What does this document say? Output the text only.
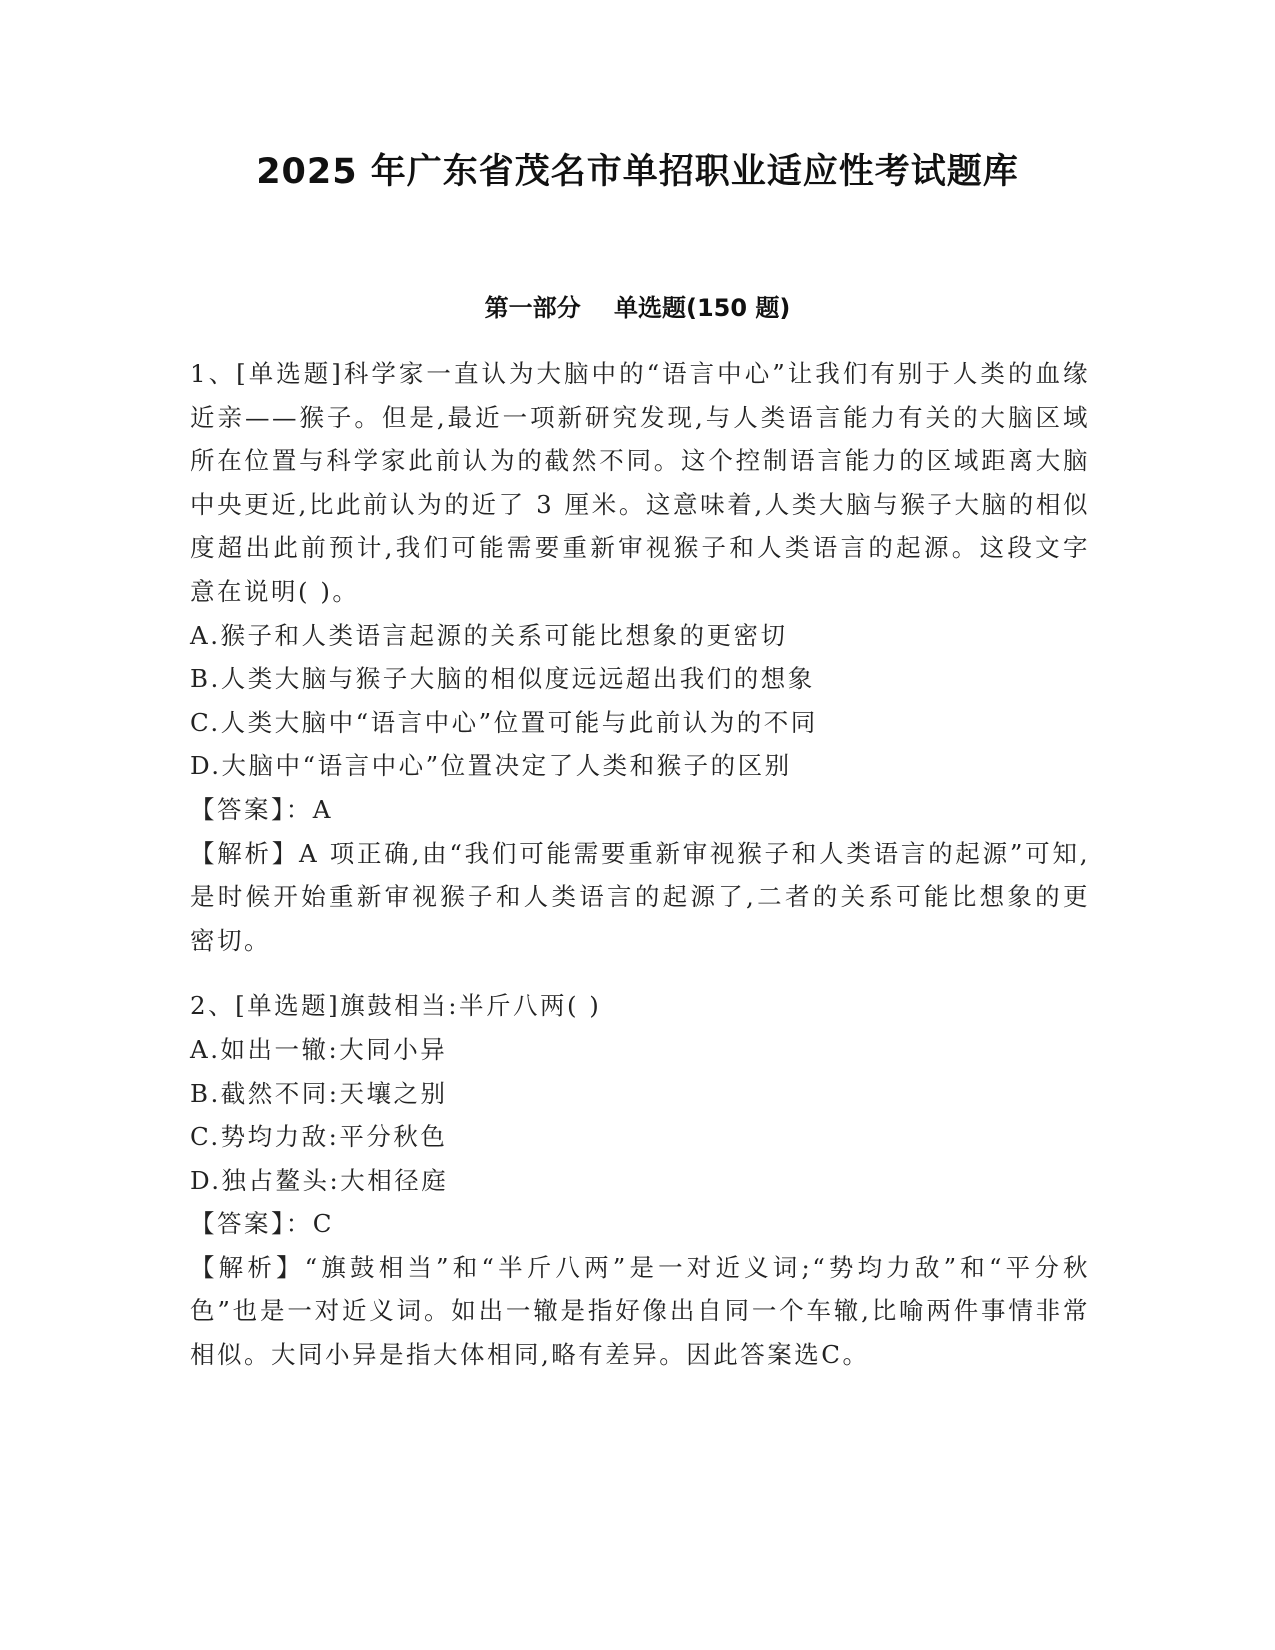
2025 年广东省茂名市单招职业适应性考试题库
第一部分    单选题(150 题)
1、[单选题]科学家一直认为大脑中的“语言中心”让我们有别于人类的血缘近亲——猴子。但是,最近一项新研究发现,与人类语言能力有关的大脑区域所在位置与科学家此前认为的截然不同。这个控制语言能力的区域距离大脑中央更近,比此前认为的近了 3 厘米。这意味着,人类大脑与猴子大脑的相似度超出此前预计,我们可能需要重新审视猴子和人类语言的起源。这段文字意在说明( )。
A.猴子和人类语言起源的关系可能比想象的更密切
B.人类大脑与猴子大脑的相似度远远超出我们的想象
C.人类大脑中“语言中心”位置可能与此前认为的不同
D.大脑中“语言中心”位置决定了人类和猴子的区别
【答案】：A
【解析】A 项正确,由“我们可能需要重新审视猴子和人类语言的起源”可知,是时候开始重新审视猴子和人类语言的起源了,二者的关系可能比想象的更密切。
2、[单选题]旗鼓相当:半斤八两( )
A.如出一辙:大同小异
B.截然不同:天壤之别
C.势均力敌:平分秋色
D.独占鳌头:大相径庭
【答案】：C
【解析】“旗鼓相当”和“半斤八两”是一对近义词;“势均力敌”和“平分秋色”也是一对近义词。如出一辙是指好像出自同一个车辙,比喻两件事情非常相似。大同小异是指大体相同,略有差异。因此答案选C。
